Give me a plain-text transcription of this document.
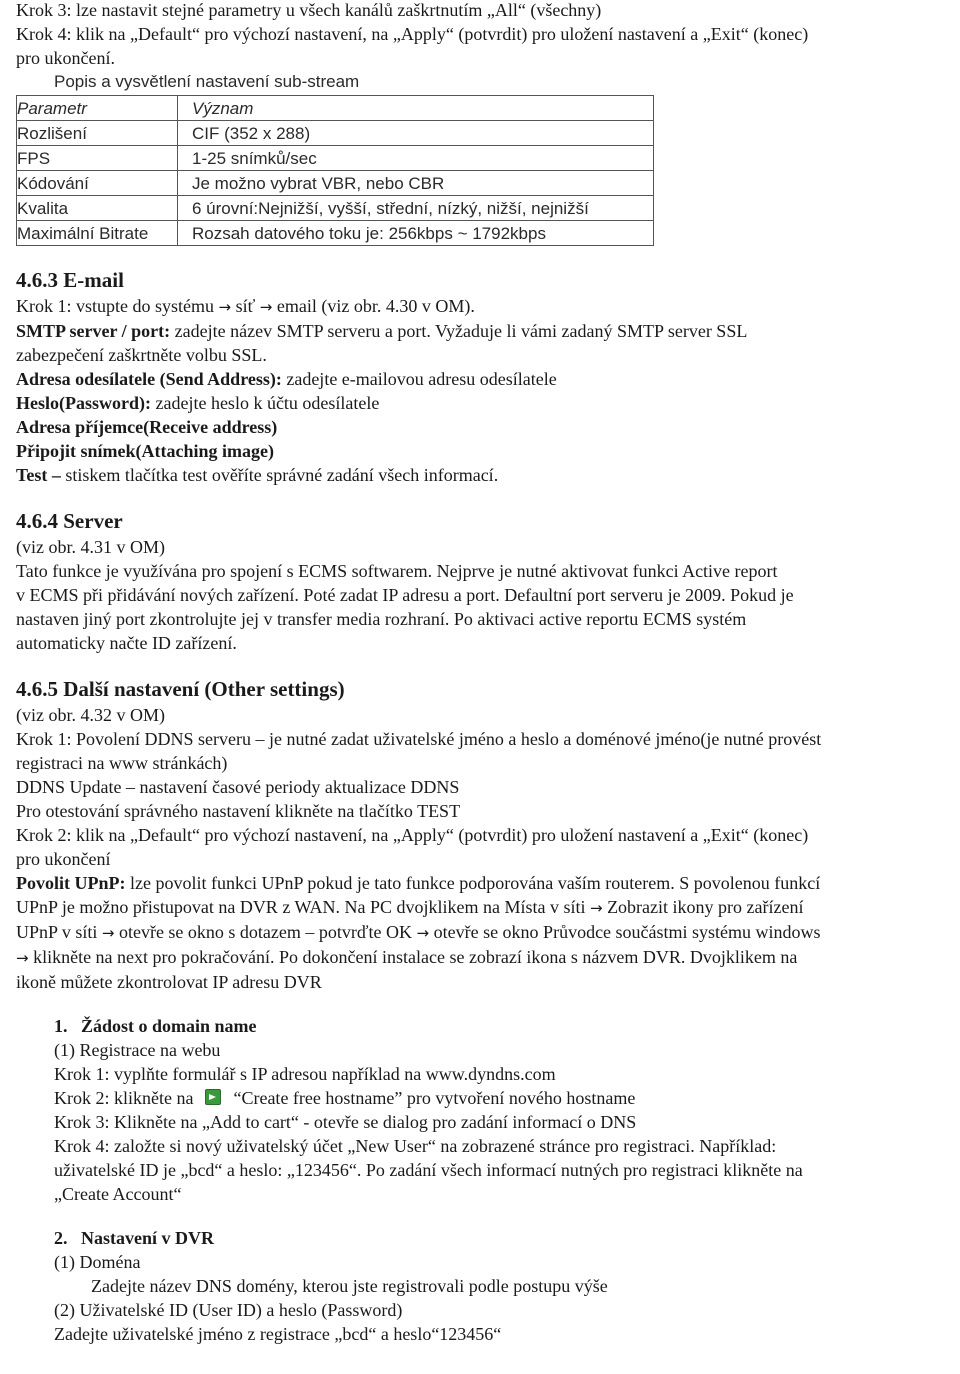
Krok 3: lze nastavit stejné parametry u všech kanálů zaškrtnutím „All“ (všechny)

Krok 4: klik na „Default“ pro výchozí nastavení, na „Apply“ (potvrdit) pro uložení nastavení a „Exit“ (konec)

pro ukončení.

Popis a vysvětlení nastavení sub-stream

Parametr	Význam
Rozlišení	CIF (352 x 288)
FPS	1-25 snímků/sec
Kódování	Je možno vybrat VBR, nebo CBR
Kvalita	6 úrovní:Nejnižší, vyšší, střední, nízký, nižší, nejnižší
Maximální Bitrate	Rozsah datového toku je: 256kbps ~ 1792kbps
4.6.3 E-mail

Krok 1: vstupte do systému → síť → email (viz obr. 4.30 v OM).

SMTP server / port: zadejte název SMTP serveru a port. Vyžaduje li vámi zadaný SMTP server SSL

zabezpečení zaškrtněte volbu SSL.

Adresa odesílatele (Send Address): zadejte e-mailovou adresu odesílatele

Heslo(Password): zadejte heslo k účtu odesílatele

Adresa příjemce(Receive address)

Připojit snímek(Attaching image)

Test – stiskem tlačítka test ověříte správné zadání všech informací.

4.6.4 Server

(viz obr. 4.31 v OM)

Tato funkce je využívána pro spojení s ECMS softwarem. Nejprve je nutné aktivovat funkci Active report

v ECMS při přidávání nových zařízení. Poté zadat IP adresu a port. Defaultní port serveru je 2009. Pokud je

nastaven jiný port zkontrolujte jej v transfer media rozhraní. Po aktivaci active reportu ECMS systém

automaticky načte ID zařízení.

4.6.5 Další nastavení (Other settings)

(viz obr. 4.32 v OM)

Krok 1: Povolení DDNS serveru – je nutné zadat uživatelské jméno a heslo a doménové jméno(je nutné provést

registraci na www stránkách)

DDNS Update – nastavení časové periody aktualizace DDNS

Pro otestování správného nastavení klikněte na tlačítko TEST

Krok 2: klik na „Default“ pro výchozí nastavení, na „Apply“ (potvrdit) pro uložení nastavení a „Exit“ (konec)

pro ukončení

Povolit UPnP: lze povolit funkci UPnP pokud je tato funkce podporována vaším routerem. S povolenou funkcí

UPnP je možno přistupovat na DVR z WAN. Na PC dvojklikem na Místa v síti → Zobrazit ikony pro zařízení

UPnP v síti → otevře se okno s dotazem – potvrďte OK → otevře se okno Průvodce součástmi systému windows

→ klikněte na next pro pokračování. Po dokončení instalace se zobrazí ikona s názvem DVR. Dvojklikem na

ikoně můžete zkontrolovat IP adresu DVR

1. Žádost o domain name

(1) Registrace na webu

Krok 1: vyplňte formulář s IP adresou například na www.dyndns.com

Krok 2: klikněte na “Create free hostname” pro vytvoření nového hostname

Krok 3: Klikněte na „Add to cart“ - otevře se dialog pro zadání informací o DNS

Krok 4: založte si nový uživatelský účet „New User“ na zobrazené stránce pro registraci. Například:

uživatelské ID je „bcd“ a heslo: „123456“. Po zadání všech informací nutných pro registraci klikněte na

„Create Account“

2. Nastavení v DVR

(1) Doména

Zadejte název DNS domény, kterou jste registrovali podle postupu výše

(2) Uživatelské ID (User ID) a heslo (Password)

Zadejte uživatelské jméno z registrace „bcd“ a heslo“123456“
